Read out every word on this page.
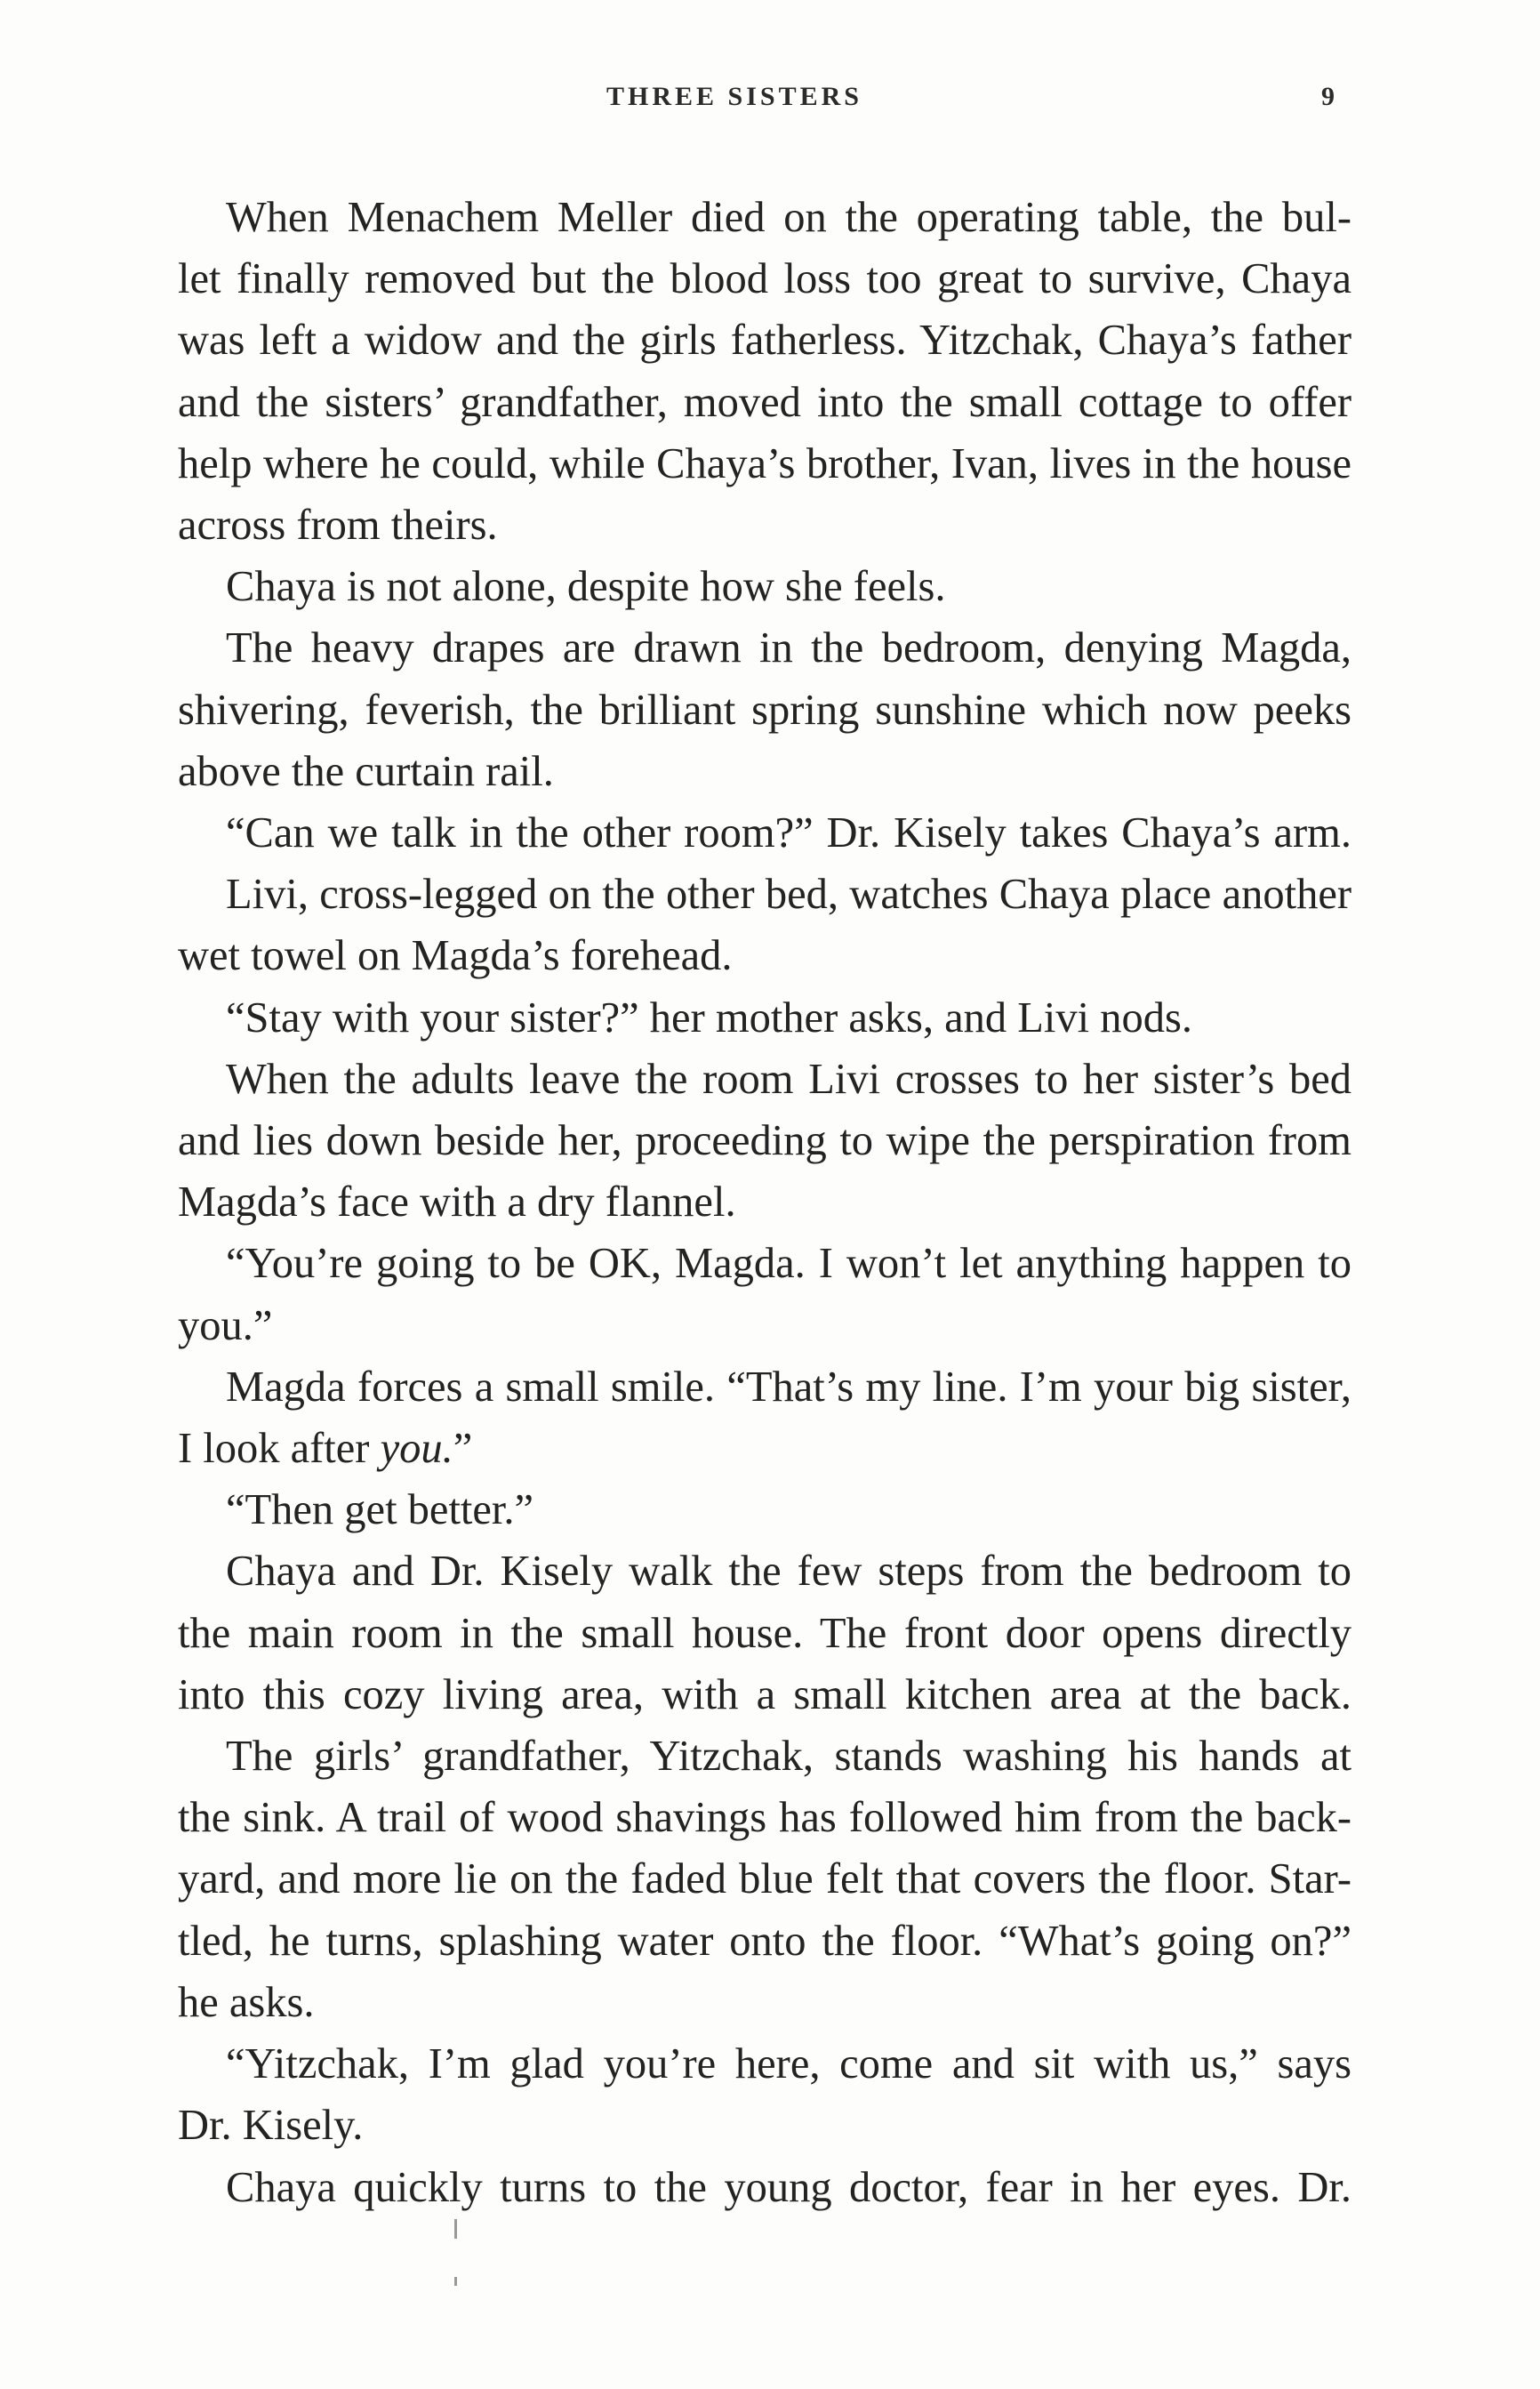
THREE SISTERS	9
When Menachem Meller died on the operating table, the bul-
let finally removed but the blood loss too great to survive, Chaya
was left a widow and the girls fatherless. Yitzchak, Chaya’s father
and the sisters’ grandfather, moved into the small cottage to offer
help where he could, while Chaya’s brother, Ivan, lives in the house
across from theirs.
Chaya is not alone, despite how she feels.
The heavy drapes are drawn in the bedroom, denying Magda,
shivering, feverish, the brilliant spring sunshine which now peeks
above the curtain rail.
“Can we talk in the other room?” Dr. Kisely takes Chaya’s arm.
Livi, cross-legged on the other bed, watches Chaya place another
wet towel on Magda’s forehead.
“Stay with your sister?” her mother asks, and Livi nods.
When the adults leave the room Livi crosses to her sister’s bed
and lies down beside her, proceeding to wipe the perspiration from
Magda’s face with a dry flannel.
“You’re going to be OK, Magda. I won’t let anything happen to
you.”
Magda forces a small smile. “That’s my line. I’m your big sister,
I look after you.”
“Then get better.”
Chaya and Dr. Kisely walk the few steps from the bedroom to
the main room in the small house. The front door opens directly
into this cozy living area, with a small kitchen area at the back.
The girls’ grandfather, Yitzchak, stands washing his hands at
the sink. A trail of wood shavings has followed him from the back-
yard, and more lie on the faded blue felt that covers the floor. Star-
tled, he turns, splashing water onto the floor. “What’s going on?”
he asks.
“Yitzchak, I’m glad you’re here, come and sit with us,” says
Dr. Kisely.
Chaya quickly turns to the young doctor, fear in her eyes. Dr.
